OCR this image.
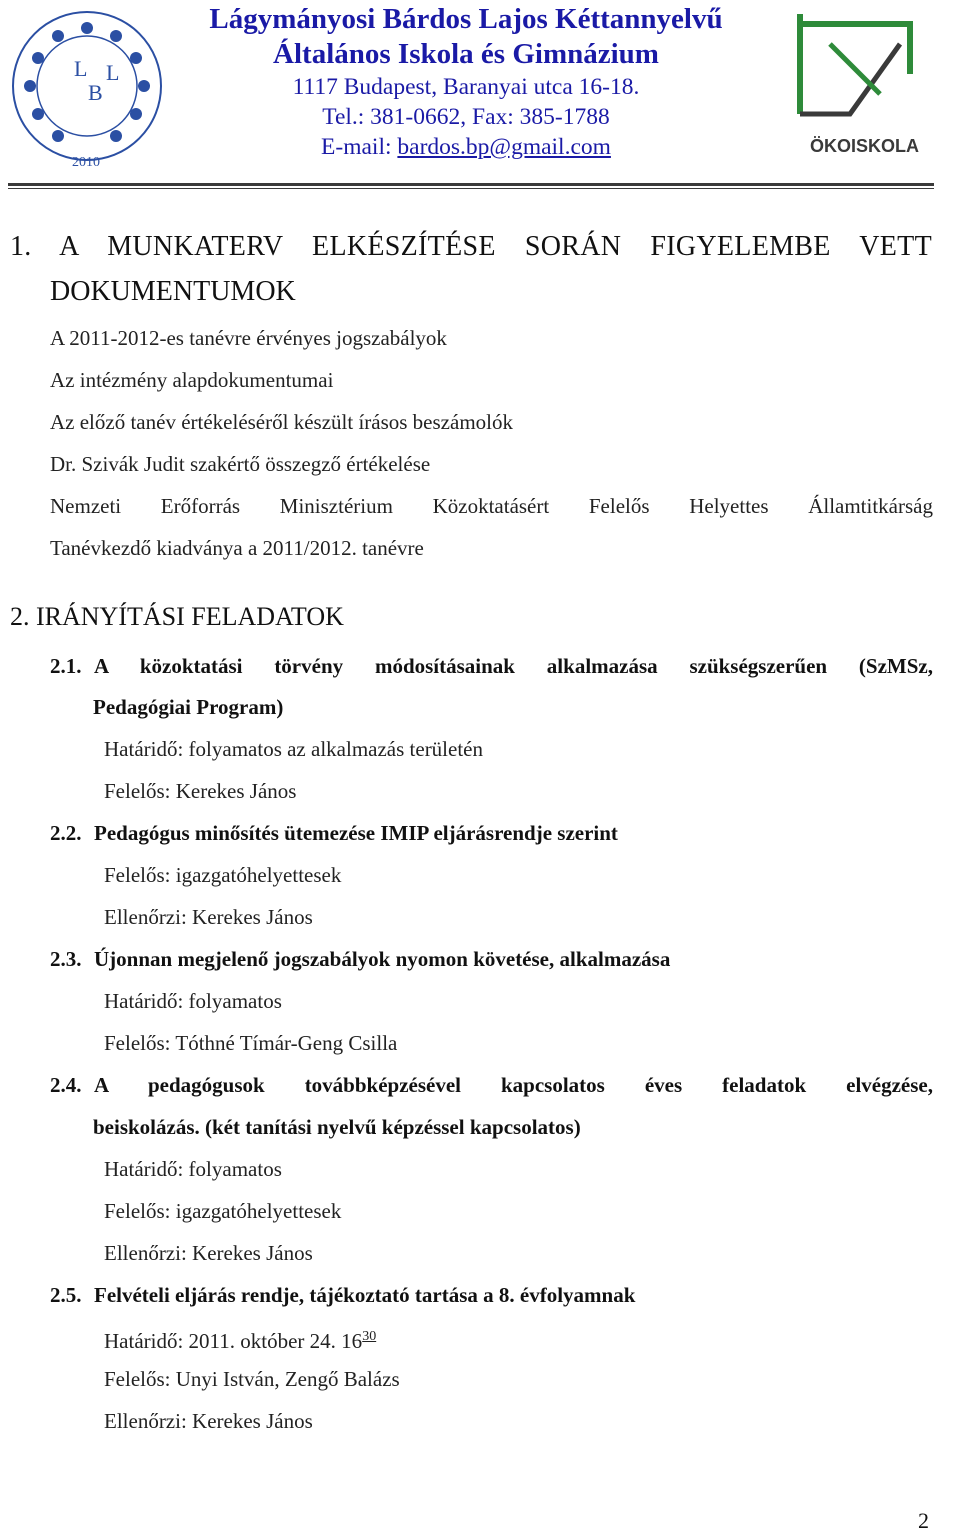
L
B
L
2010

Lágymányosi Bárdos Lajos Kéttannyelvű

Általános Iskola és Gimnázium

1117 Budapest, Baranyai utca 16-18.

Tel.: 381-0662, Fax: 385-1788

E-mail: bardos.bp@gmail.com	ÖKOISKOLA
1. A MUNKATERV ELKÉSZÍTÉSE SORÁN FIGYELEMBE VETT

DOKUMENTUMOK

A 2011-2012-es tanévre érvényes jogszabályok

Az intézmény alapdokumentumai

Az előző tanév értékeléséről készült írásos beszámolók

Dr. Szivák Judit szakértő összegző értékelése

Nemzeti Erőforrás Minisztérium Közoktatásért Felelős Helyettes Államtitkárság

Tanévkezdő kiadványa a 2011/2012. tanévre

2. IRÁNYÍTÁSI FELADATOK

2.1. A közoktatási törvény módosításainak alkalmazása szükségszerűen (SzMSz,

Pedagógiai Program)

Határidő: folyamatos az alkalmazás területén

Felelős: Kerekes János

2.2. Pedagógus minősítés ütemezése IMIP eljárásrendje szerint

Felelős: igazgatóhelyettesek

Ellenőrzi: Kerekes János

2.3. Újonnan megjelenő jogszabályok nyomon követése, alkalmazása

Határidő: folyamatos

Felelős: Tóthné Tímár-Geng Csilla

2.4. A pedagógusok továbbképzésével kapcsolatos éves feladatok elvégzése,

beiskolázás. (két tanítási nyelvű képzéssel kapcsolatos)

Határidő: folyamatos

Felelős: igazgatóhelyettesek

Ellenőrzi: Kerekes János

2.5. Felvételi eljárás rendje, tájékoztató tartása a 8. évfolyamnak

Határidő: 2011. október 24. $16^{30}$

Felelős: Unyi István, Zengő Balázs

Ellenőrzi: Kerekes János

2
